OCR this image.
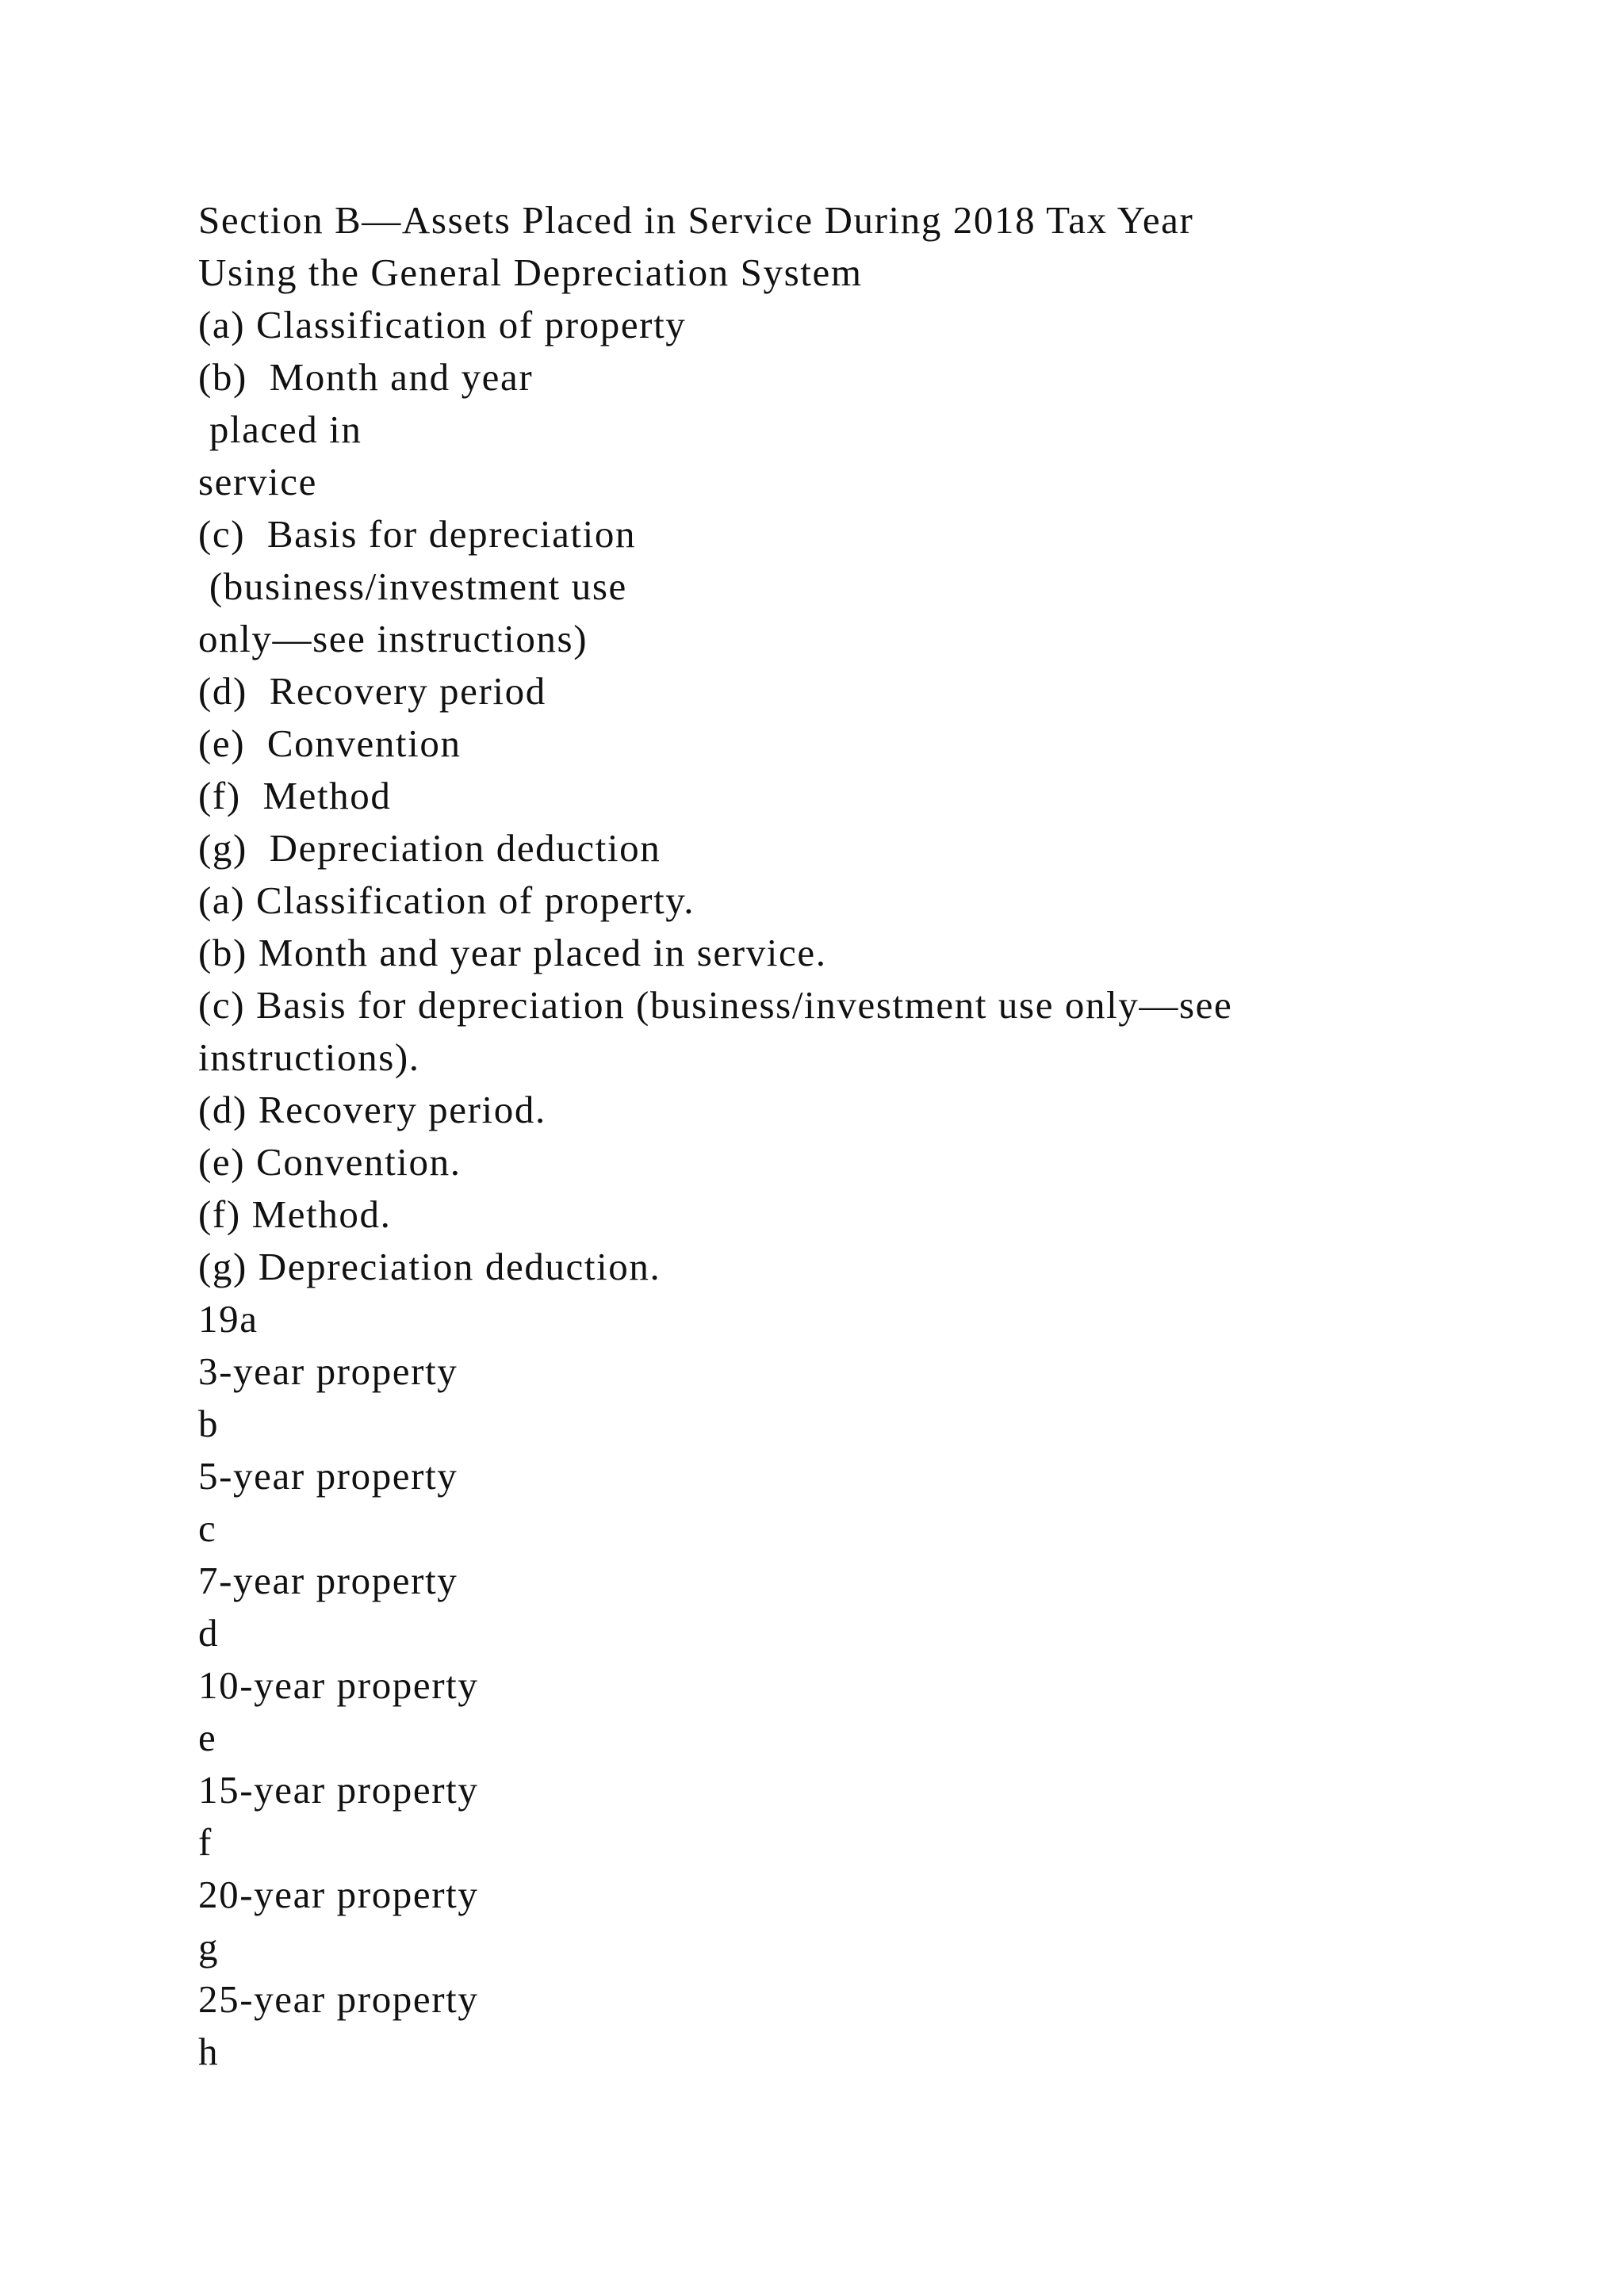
Section B—Assets Placed in Service During 2018 Tax Year
Using the General Depreciation System
(a) Classification of property
(b)  Month and year
placed in
service
(c)  Basis for depreciation
(business/investment use
only—see instructions)
(d)  Recovery period
(e)  Convention
(f)  Method
(g)  Depreciation deduction
(a) Classification of property.
(b) Month and year placed in service.
(c) Basis for depreciation (business/investment use only—see
instructions).
(d) Recovery period.
(e) Convention.
(f) Method.
(g) Depreciation deduction.
19a
3-year property
b
5-year property
c
7-year property
d
10-year property
e
15-year property
f
20-year property
g
25-year property
h
